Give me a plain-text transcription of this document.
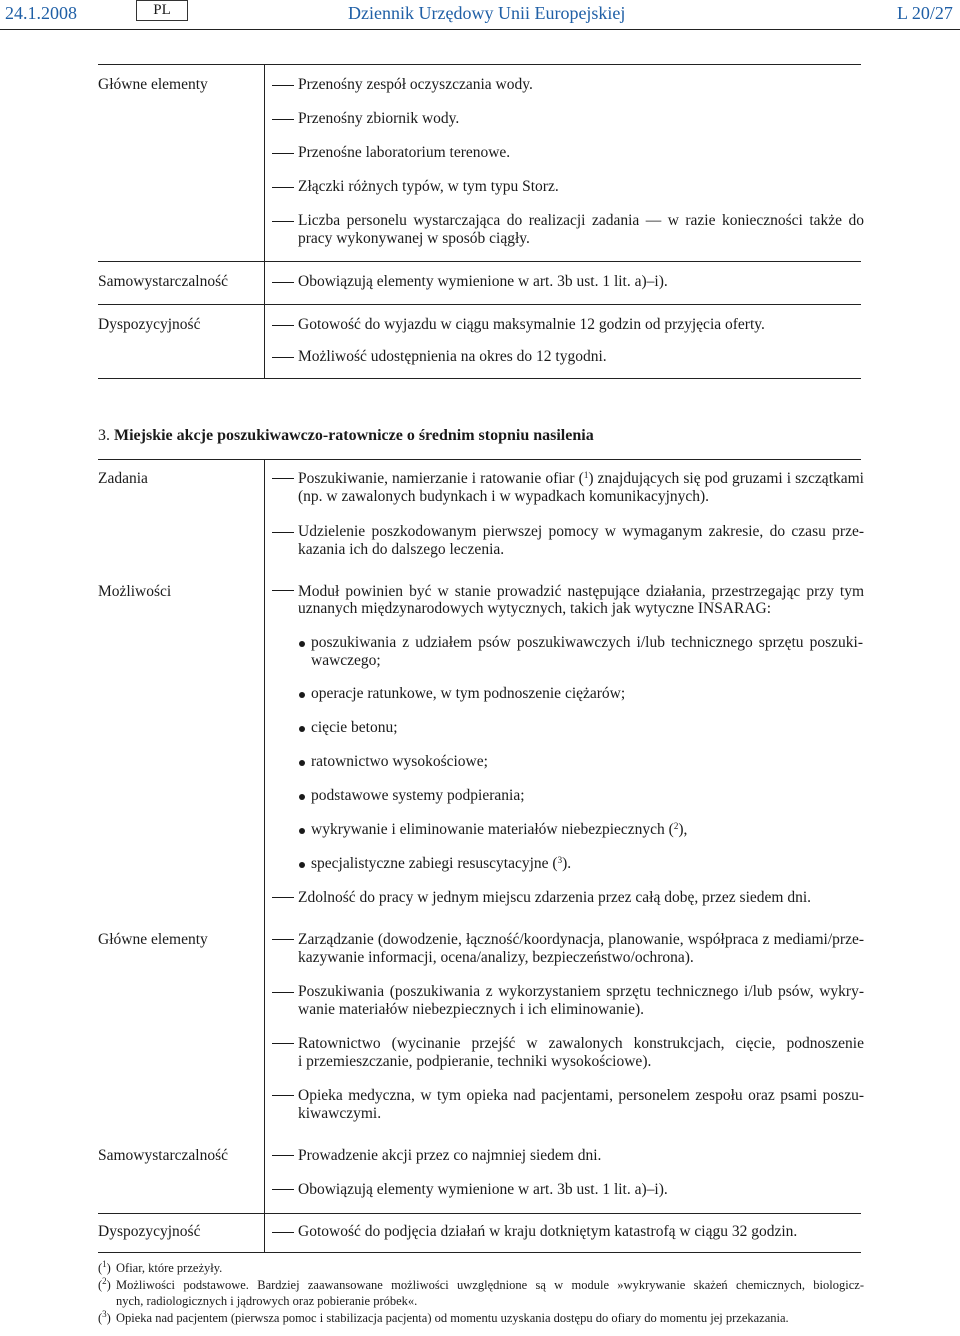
24.1.2008	PL	Dziennik Urzędowy Unii Europejskiej	L 20/27
Główne elementy	Przenośny zespół oczyszczania wody.
Przenośny zbiornik wody.
Przenośne laboratorium terenowe.
Złączki różnych typów, w tym typu Storz.
Liczba personelu wystarczająca do realizacji zadania — w razie konieczności także do
pracy wykonywanej w sposób ciągły.
Samowystarczalność	Obowiązują elementy wymienione w art. 3b ust. 1 lit. a)–i).
Dyspozycyjność	Gotowość do wyjazdu w ciągu maksymalnie 12 godzin od przyjęcia oferty.
Możliwość udostępnienia na okres do 12 tygodni.
3. Miejskie akcje poszukiwawczo-ratownicze o średnim stopniu nasilenia
Zadania	Poszukiwanie, namierzanie i ratowanie ofiar ($^1$) znajdujących się pod gruzami i szczątkami
(np. w zawalonych budynkach i w wypadkach komunikacyjnych).
Udzielenie poszkodowanym pierwszej pomocy w wymaganym zakresie, do czasu prze-
kazania ich do dalszego leczenia.
Możliwości	Moduł powinien być w stanie prowadzić następujące działania, przestrzegając przy tym
uznanych międzynarodowych wytycznych, takich jak wytyczne INSARAG:
poszukiwania z udziałem psów poszukiwawczych i/lub technicznego sprzętu poszuki-
wawczego;
operacje ratunkowe, w tym podnoszenie ciężarów;
cięcie betonu;
ratownictwo wysokościowe;
podstawowe systemy podpierania;
wykrywanie i eliminowanie materiałów niebezpiecznych ($^2$),
specjalistyczne zabiegi resuscytacyjne ($^3$).
Zdolność do pracy w jednym miejscu zdarzenia przez całą dobę, przez siedem dni.
Główne elementy	Zarządzanie (dowodzenie, łączność/koordynacja, planowanie, współpraca z mediami/prze-
kazywanie informacji, ocena/analizy, bezpieczeństwo/ochrona).
Poszukiwania (poszukiwania z wykorzystaniem sprzętu technicznego i/lub psów, wykry-
wanie materiałów niebezpiecznych i ich eliminowanie).
Ratownictwo (wycinanie przejść w zawalonych konstrukcjach, cięcie, podnoszenie
i przemieszczanie, podpieranie, techniki wysokościowe).
Opieka medyczna, w tym opieka nad pacjentami, personelem zespołu oraz psami poszu-
kiwawczymi.
Samowystarczalność	Prowadzenie akcji przez co najmniej siedem dni.
Obowiązują elementy wymienione w art. 3b ust. 1 lit. a)–i).
Dyspozycyjność	Gotowość do podjęcia działań w kraju dotkniętym katastrofą w ciągu 32 godzin.
($^1$) Ofiar, które przeżyły.
($^2$) Możliwości podstawowe. Bardziej zaawansowane możliwości uwzględnione są w module »wykrywanie skażeń chemicznych, biologicz-
nych, radiologicznych i jądrowych oraz pobieranie próbek«.
($^3$) Opieka nad pacjentem (pierwsza pomoc i stabilizacja pacjenta) od momentu uzyskania dostępu do ofiary do momentu jej przekazania.
